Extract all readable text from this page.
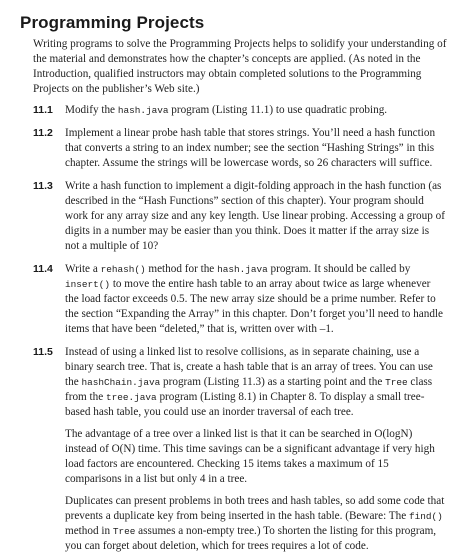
Programming Projects

Writing programs to solve the Programming Projects helps to solidify your understanding of the material and demonstrates how the chapter’s concepts are applied. (As noted in the Introduction, qualified instructors may obtain completed solutions to the Programming Projects on the publisher’s Web site.)

11.1	Modify the hash.java program (Listing 11.1) to use quadratic probing.

11.2	Implement a linear probe hash table that stores strings. You’ll need a hash function that converts a string to an index number; see the section “Hashing Strings” in this chapter. Assume the strings will be lowercase words, so 26 characters will suffice.

11.3	Write a hash function to implement a digit-folding approach in the hash function (as described in the “Hash Functions” section of this chapter). Your program should work for any array size and any key length. Use linear probing. Accessing a group of digits in a number may be easier than you think. Does it matter if the array size is not a multiple of 10?

11.4	Write a rehash() method for the hash.java program. It should be called by insert() to move the entire hash table to an array about twice as large whenever the load factor exceeds 0.5. The new array size should be a prime number. Refer to the section “Expanding the Array” in this chapter. Don’t forget you’ll need to handle items that have been “deleted,” that is, written over with –1.

11.5	Instead of using a linked list to resolve collisions, as in separate chaining, use a binary search tree. That is, create a hash table that is an array of trees. You can use the hashChain.java program (Listing 11.3) as a starting point and the Tree class from the tree.java program (Listing 8.1) in Chapter 8. To display a small tree-based hash table, you could use an inorder traversal of each tree.

The advantage of a tree over a linked list is that it can be searched in O(logN) instead of O(N) time. This time savings can be a significant advantage if very high load factors are encountered. Checking 15 items takes a maximum of 15 comparisons in a list but only 4 in a tree.

Duplicates can present problems in both trees and hash tables, so add some code that prevents a duplicate key from being inserted in the hash table. (Beware: The find() method in Tree assumes a non-empty tree.) To shorten the listing for this program, you can forget about deletion, which for trees requires a lot of code.
